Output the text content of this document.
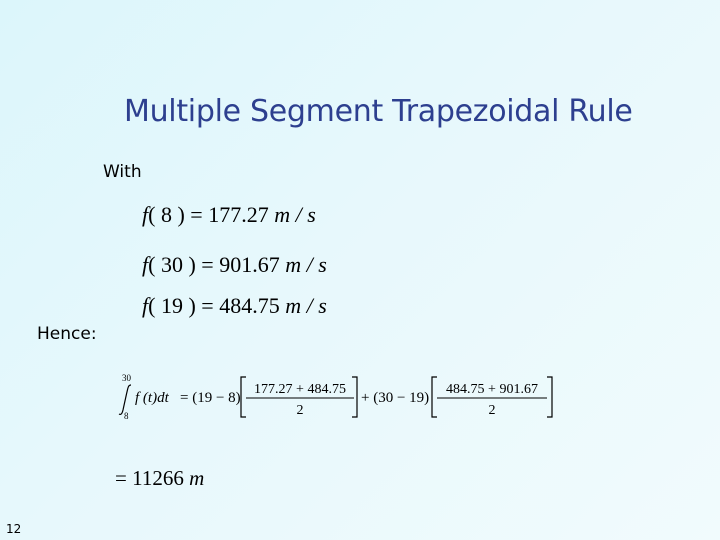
Multiple Segment Trapezoidal Rule
With
f( 8 ) = 177.27 m / s
f( 30 ) = 901.67 m / s
f( 19 ) = 484.75 m / s
Hence:
30
8
f (t)dt = (19 − 8)
177.27 + 484.75
2
+ (30 − 19)
484.75 + 901.67
2
= 11266 m
12
